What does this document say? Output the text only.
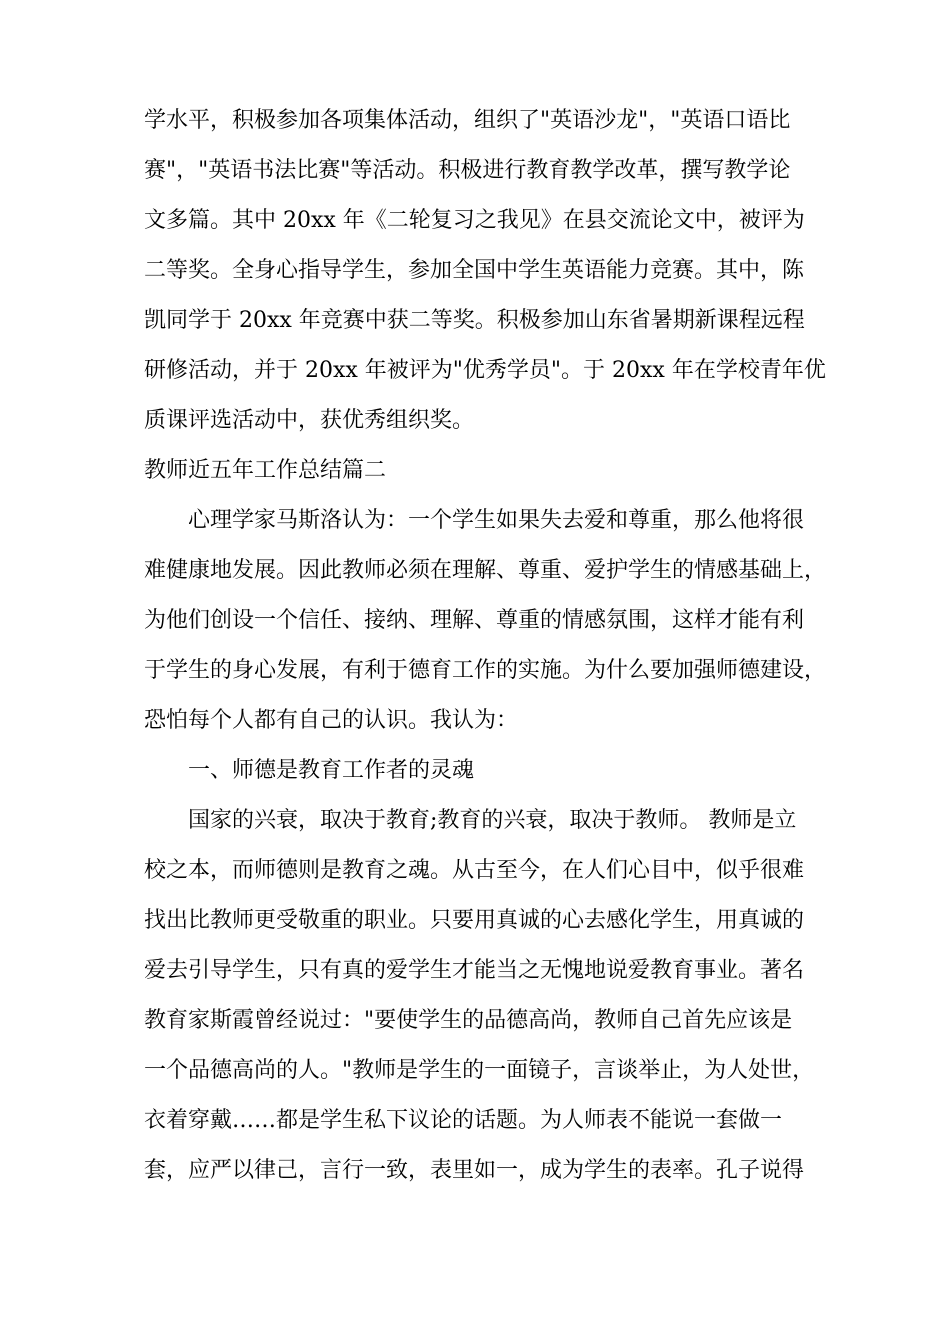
学水平，积极参加各项集体活动，组织了"英语沙龙"，"英语口语比
赛"，"英语书法比赛"等活动。积极进行教育教学改革，撰写教学论
文多篇。其中 20xx 年《二轮复习之我见》在县交流论文中，被评为
二等奖。全身心指导学生，参加全国中学生英语能力竞赛。其中，陈
凯同学于 20xx 年竞赛中获二等奖。积极参加山东省暑期新课程远程
研修活动，并于 20xx 年被评为"优秀学员"。于 20xx 年在学校青年优
质课评选活动中，获优秀组织奖。
教师近五年工作总结篇二
　　心理学家马斯洛认为：一个学生如果失去爱和尊重，那么他将很
难健康地发展。因此教师必须在理解、尊重、爱护学生的情感基础上，
为他们创设一个信任、接纳、理解、尊重的情感氛围，这样才能有利
于学生的身心发展，有利于德育工作的实施。为什么要加强师德建设，
恐怕每个人都有自己的认识。我认为：
　　一、师德是教育工作者的灵魂
　　国家的兴衰，取决于教育;教育的兴衰，取决于教师。 教师是立
校之本，而师德则是教育之魂。从古至今，在人们心目中，似乎很难
找出比教师更受敬重的职业。只要用真诚的心去感化学生，用真诚的
爱去引导学生，只有真的爱学生才能当之无愧地说爱教育事业。著名
教育家斯霞曾经说过："要使学生的品德高尚，教师自己首先应该是
一个品德高尚的人。"教师是学生的一面镜子，言谈举止，为人处世，
衣着穿戴……都是学生私下议论的话题。为人师表不能说一套做一
套，应严以律己，言行一致，表里如一，成为学生的表率。孔子说得
